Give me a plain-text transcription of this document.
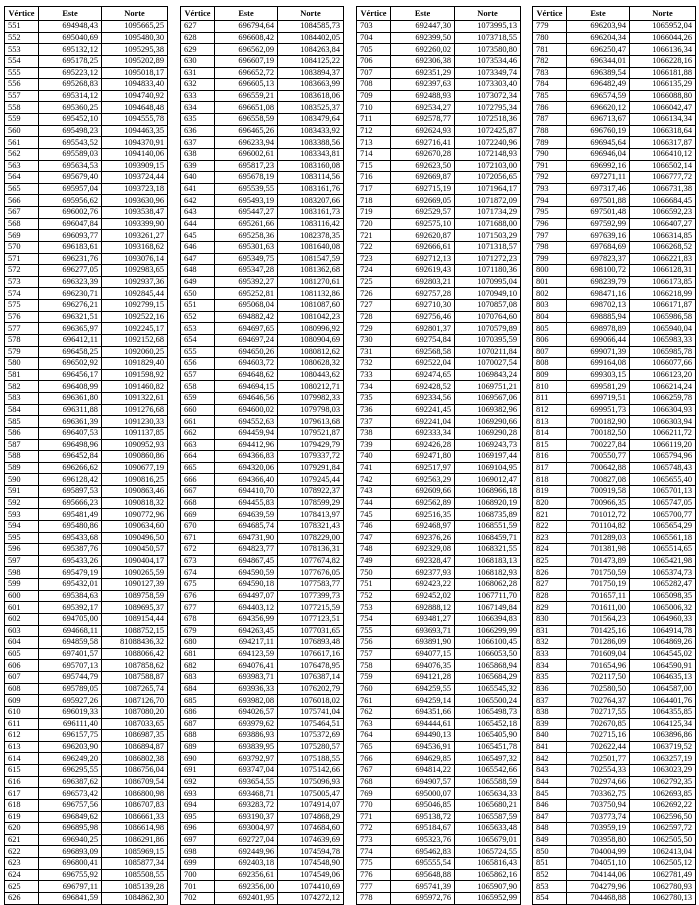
Vértice	Este	Norte
551	694948,43	1095665,25
552	695040,69	1095480,30
553	695132,12	1095295,38
554	695178,25	1095202,89
555	695223,12	1095018,17
556	695268,83	1094833,40
557	695314,12	1094740,92
558	695360,25	1094648,48
559	695452,10	1094555,78
560	695498,23	1094463,35
561	695543,52	1094370,91
562	695589,03	1094140,06
563	695634,53	1093909,15
564	695679,40	1093724,44
565	695957,04	1093723,18
566	695956,62	1093630,96
567	696002,76	1093538,47
568	696047,84	1093399,90
569	696093,77	1093261,27
570	696183,61	1093168,62
571	696231,76	1093076,14
572	696277,05	1092983,65
573	696323,39	1092937,36
574	696230,71	1092845,44
575	696276,21	1092799,15
576	696321,51	1092522,16
577	696365,97	1092245,17
578	696412,11	1092152,68
579	696458,25	1092060,25
580	696502,92	1091829,40
581	696456,17	1091598,92
582	696408,99	1091460,82
583	696361,80	1091322,61
584	696311,88	1091276,68
585	696361,39	1091230,33
586	696407,53	1091137,85
587	696498,96	1090952,93
588	696452,84	1090860,86
589	696266,62	1090677,19
590	696128,42	1090816,25
591	695897,53	1090863,46
592	695666,23	1090818,32
593	695481,49	1090772,96
594	695480,86	1090634,60
595	695433,68	1090496,50
596	695387,76	1090450,57
597	695433,26	1090404,17
598	695479,19	1090265,59
599	695432,01	1090127,39
600	695384,63	1089758,59
601	695392,17	1089695,37
602	694705,00	1089154,44
603	694668,11	1088752,15
604	694859,58	81088436,32
605	697401,57	1088066,42
606	695707,13	1087858,62
607	695744,79	1087588,87
608	695789,05	1087265,74
609	695927,26	1087126,70
610	696019,33	1087080,20
611	696111,40	1087033,65
612	696157,75	1086987,35
613	696203,90	1086894,87
614	696249,20	1086802,38
615	696295,55	1086756,04
616	696387,62	1086709,54
617	696573,42	1086800,98
618	696757,56	1086707,83
619	696849,62	1086661,33
620	696895,98	1086614,98
621	696940,25	1086291,86
622	696893,09	1085969,15
623	696800,41	1085877,34
624	696755,92	1085508,55
625	696797,11	1085139,28
626	696841,59	1084862,30
Vértice	Este	Norte
627	696794,64	1084585,73
628	696608,42	1084402,05
629	696562,09	1084263,84
630	696607,19	1084125,22
631	696652,72	1083894,37
632	696605,13	1083663,99
633	696559,21	1083618,06
634	696651,08	1083525,37
635	696558,59	1083479,64
636	696465,26	1083433,92
637	696233,94	1083388,56
638	696002,61	1083343,81
639	695817,23	1083160,08
640	695678,19	1083114,56
641	695539,55	1083161,76
642	695493,19	1083207,66
643	695447,27	1083161,73
644	695261,66	1083116,42
645	695258,36	1082378,35
646	695301,63	1081640,08
647	695349,75	1081547,59
648	695347,28	1081362,68
649	695392,27	1081270,61
650	695252,81	1081132,86
651	695068,04	1081087,60
652	694882,42	1081042,23
653	694697,65	1080996,92
654	694697,24	1080904,69
655	694650,26	1080812,62
656	694603,72	1080628,32
657	694648,62	1080443,62
658	694694,15	1080212,71
659	694646,56	1079982,33
660	694600,02	1079798,03
661	694552,63	1079613,68
662	694459,94	1079521,87
663	694412,96	1079429,79
664	694366,83	1079337,72
665	694320,06	1079291,84
666	694366,40	1079245,44
667	694410,70	1078922,37
668	694455,83	1078599,29
669	694639,59	1078413,97
670	694685,74	1078321,43
671	694731,90	1078229,00
672	694823,77	1078136,31
673	694867,45	1077674,82
674	694590,59	1077676,05
675	694590,18	1077583,77
676	694497,07	1077399,73
677	694403,12	1077215,59
678	694356,99	1077123,51
679	694263,45	1077031,65
680	694217,11	1076893,48
681	694123,59	1076617,16
682	694076,41	1076478,95
683	693983,71	1076387,14
684	693936,33	1076202,79
685	693982,08	1076018,02
686	694026,57	1075741,04
687	693979,62	1075464,51
688	693886,93	1075372,69
689	693839,95	1075280,57
690	693792,97	1075188,55
691	693747,04	1075142,66
692	693654,55	1075096,93
693	693468,71	1075005,47
694	693283,72	1074914,07
695	693190,37	1074868,29
696	693004,97	1074684,60
697	692727,04	1074639,69
698	692449,96	1074594,78
699	692403,18	1074548,90
700	692356,61	1074549,06
701	692356,00	1074410,69
702	692401,95	1074272,12
Vértice	Este	Norte
703	692447,30	1073995,13
704	692399,50	1073718,55
705	692260,02	1073580,80
706	692306,38	1073534,46
707	692351,29	1073349,74
708	692397,63	1073303,40
709	692488,93	1073072,34
710	692534,27	1072795,34
711	692578,77	1072518,36
712	692624,93	1072425,87
713	692716,41	1072240,96
714	692670,28	1072148,93
715	692623,50	1072103,00
716	692669,87	1072056,65
717	692715,19	1071964,17
718	692669,05	1071872,09
719	692529,57	1071734,29
720	692575,10	1071688,00
721	692620,87	1071503,29
722	692666,61	1071318,57
723	692712,13	1071272,23
724	692619,43	1071180,36
725	692803,21	1070995,04
726	692757,28	1070949,10
727	692710,30	1070857,08
728	692756,46	1070764,60
729	692801,37	1070579,89
730	692754,84	1070395,59
731	692568,58	1070211,84
732	692522,04	1070027,54
733	692474,65	1069843,24
734	692428,52	1069751,21
735	692334,56	1069567,06
736	692241,45	1069382,96
737	692241,04	1069290,66
738	692333,34	1069290,28
739	692426,28	1069243,73
740	692471,80	1069197,44
741	692517,97	1069104,95
742	692563,29	1069012,47
743	692609,66	1068966,18
744	692562,89	1068920,19
745	692516,35	1068735,89
746	692468,97	1068551,59
747	692376,26	1068459,71
748	692329,08	1068321,55
749	692328,47	1068183,13
750	692377,93	1068182,93
751	692423,22	1068062,28
752	692452,02	1067711,70
753	692888,12	1067149,84
754	693481,27	1066394,83
755	693693,71	1066299,99
756	693891,90	1066100,45
757	694077,15	1066053,50
758	694076,35	1065868,94
759	694121,28	1065684,29
760	694259,55	1065545,32
761	694259,14	1065500,24
762	694351,66	1065498,73
763	694444,61	1065452,18
764	694490,13	1065405,90
765	694536,91	1065451,78
766	694629,85	1065497,32
767	694814,22	1065542,66
768	694907,57	1065588,59
769	695000,07	1065634,33
770	695046,85	1065680,21
771	695138,72	1065587,59
772	695184,67	1065633,48
773	695323,76	1065679,01
774	695462,83	1065724,55
775	695555,54	1065816,43
776	695648,88	1065862,16
777	695741,39	1065907,90
778	695972,76	1065952,99
Vértice	Este	Norte
779	696203,94	1065952,04
780	696204,34	1066044,26
781	696250,47	1066136,34
782	696344,01	1066228,16
783	696389,54	1066181,88
784	696482,49	1066135,29
785	696574,59	1066088,80
786	696620,12	1066042,47
787	696713,67	1066134,34
788	696760,19	1066318,64
789	696945,64	1066317,87
790	696946,04	1066410,12
791	696992,16	1066502,14
792	697271,11	1066777,72
793	697317,46	1066731,38
794	697501,88	1066684,45
795	697501,48	1066592,23
796	697592,99	1066407,27
797	697639,16	1066314,85
798	697684,69	1066268,52
799	697823,37	1066221,83
800	698100,72	1066128,31
801	698239,79	1066173,85
802	698471,16	1066218,99
803	698702,13	1066171,87
804	698885,94	1065986,58
805	698978,89	1065940,04
806	699066,44	1065983,33
807	699071,39	1065985,78
808	699164,08	1066077,66
809	699303,15	1066123,20
810	699581,29	1066214,24
811	699719,51	1066259,78
812	699951,73	1066304,93
813	700182,90	1066303,94
814	700182,50	1066211,72
815	700227,84	1066119,20
816	700550,77	1065794,96
817	700642,88	1065748,43
818	700827,08	1065655,40
819	700919,58	1065701,13
820	700966,35	1065747,05
821	701012,72	1065700,77
822	701104,82	1065654,29
823	701289,03	1065561,18
824	701381,98	1065514,65
825	701473,89	1065421,98
826	701750,59	1065374,73
827	701750,19	1065282,47
828	701657,11	1065098,35
829	701611,00	1065006,32
830	701564,23	1064960,33
831	701425,16	1064914,78
832	701286,09	1064869,26
833	701609,04	1064545,02
834	701654,96	1064590,91
835	702117,50	1064635,13
836	702580,50	1064587,00
837	702764,37	1064401,76
838	702717,55	1064355,85
839	702670,85	1064125,34
840	702715,16	1063896,86
841	702622,44	1063719,52
842	702501,77	1063257,19
843	702554,33	1063023,29
844	702974,66	1062792,35
845	703362,75	1062693,85
846	703750,94	1062692,22
847	703773,74	1062596,50
848	703959,19	1062597,72
849	703958,80	1062505,50
850	704004,99	1062413,04
851	704051,10	1062505,12
852	704144,06	1062781,49
853	704279,96	1062780,93
854	704468,88	1062780,13
